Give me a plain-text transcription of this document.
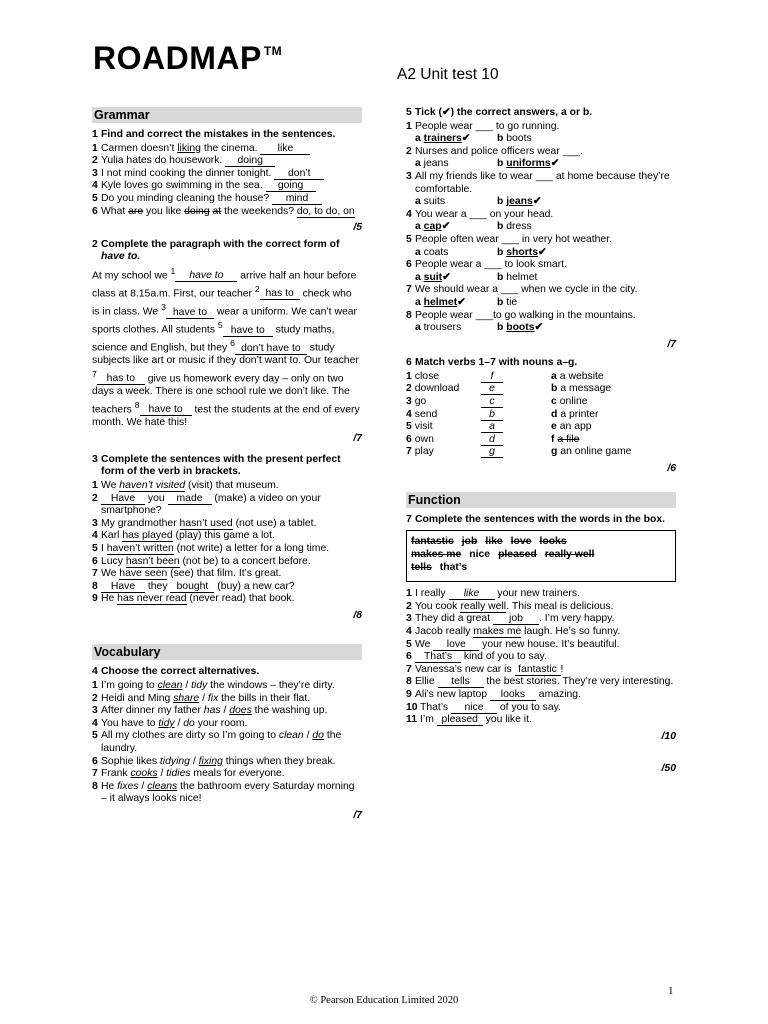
ROADMAP ™
A2 Unit test 10
Grammar
1 Find and correct the mistakes in the sentences.
1 Carmen doesn’t liking the cinema. like
2 Yulia hates do housework. doing
3 I not mind cooking the dinner tonight. don’t
4 Kyle loves go swimming in the sea. going
5 Do you minding cleaning the house? mind
6 What are you like doing at the weekends? do, to do, on
/5
2 Complete the paragraph with the correct form of have to.
At my school we $^1$ have to arrive half an hour before class at 8.15a.m. First, our teacher $^2$ has to check who is in class. We $^3$ have to wear a uniform. We can’t wear sports clothes. All students $^5$ have to study maths, science and English, but they $^6$ don’t have to study subjects like art or music if they don’t want to. Our teacher $^7$ has to give us homework every day – only on two days a week. There is one school rule we don’t like. The teachers $^8$ have to test the students at the end of every month. We hate this!
/7
3 Complete the sentences with the present perfect form of the verb in brackets.
1 We haven’t visited (visit) that museum.
2 Have you made (make) a video on your smartphone?
3 My grandmother hasn’t used (not use) a tablet.
4 Karl has played (play) this game a lot.
5 I haven’t written (not write) a letter for a long time.
6 Lucy hasn’t been (not be) to a concert before.
7 We have seen (see) that film. It’s great.
8 Have they bought (buy) a new car?
9 He has never read (never read) that book.
/8
Vocabulary
4 Choose the correct alternatives.
1 I’m going to clean / tidy the windows – they’re dirty.
2 Heidi and Ming share / fix the bills in their flat.
3 After dinner my father has / does the washing up.
4 You have to tidy / do your room.
5 All my clothes are dirty so I’m going to clean / do the laundry.
6 Sophie likes tidying / fixing things when they break.
7 Frank cooks / tidies meals for everyone.
8 He fixes / cleans the bathroom every Saturday morning – it always looks nice!
/7
5 Tick (✔) the correct answers, a or b.
1 People wear ___ to go running.
a trainers✔	b boots
2 Nurses and police officers wear ___.
a jeans	b uniforms✔
3 All my friends like to wear ___ at home because they’re comfortable.
a suits	b jeans✔
4 You wear a ___ on your head.
a cap✔	b dress
5 People often wear ___ in very hot weather.
a coats	b shorts✔
6 People wear a ___ to look smart.
a suit✔	b helmet
7 We should wear a ___ when we cycle in the city.
a helmet✔	b tie
8 People wear ___to go walking in the mountains.
a trousers	b boots✔
/7
6 Match verbs 1–7 with nouns a–g.
1 close	f	a a website
2 download	e	b a message
3 go	c	c online
4 send	b	d a printer
5 visit	a	e an app
6 own	d	f a file
7 play	g	g an online game
/6
Function
7 Complete the sentences with the words in the box.
fantastic job like love looks
makes me nice pleased really well
tells that’s
1 I really like your new trainers.
2 You cook really well. This meal is delicious.
3 They did a great job . I’m very happy.
4 Jacob really makes me laugh. He’s so funny.
5 We love your new house. It’s beautiful.
6 That’s kind of you to say.
7 Vanessa’s new car is fantastic !
8 Ellie tells the best stories. They’re very interesting.
9 Ali’s new laptop looks amazing.
10 That’s nice of you to say.
11 I’m pleased you like it.
/10
/50
1
© Pearson Education Limited 2020
